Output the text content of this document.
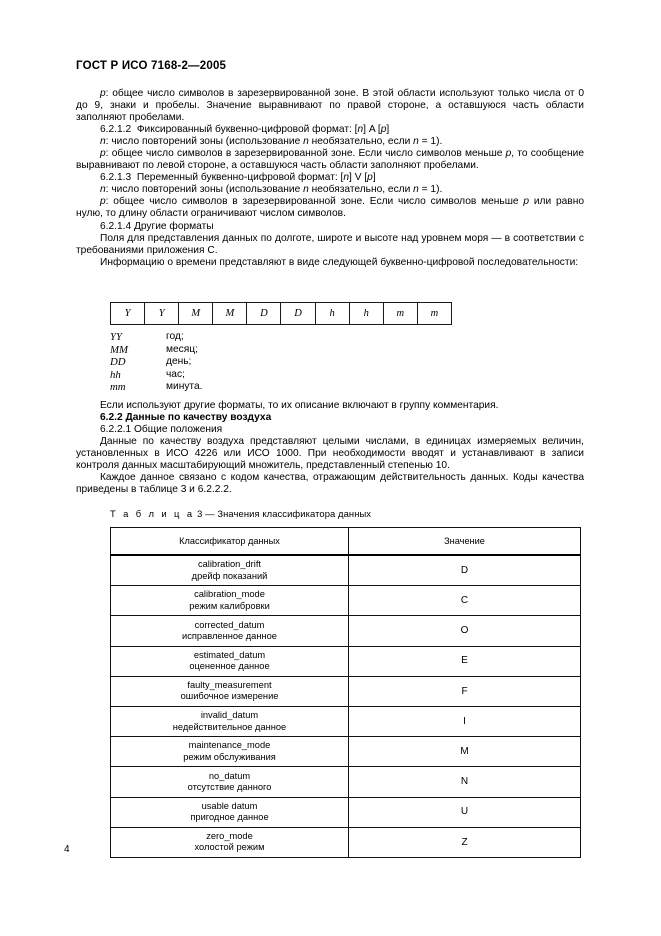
ГОСТ Р ИСО 7168-2—2005

p: общее число символов в зарезервированной зоне. В этой области используют только числа от 0 до 9, знаки и пробелы. Значение выравнивают по правой стороне, а оставшуюся часть области заполняют пробелами.

6.2.1.2  Фиксированный буквенно-цифровой формат: [n] A [p]

n: число повторений зоны (использование n необязательно, если n = 1).

p: общее число символов в зарезервированной зоне. Если число символов меньше p, то сообщение выравнивают по левой стороне, а оставшуюся часть области заполняют пробелами.

6.2.1.3  Переменный буквенно-цифровой формат: [n] V [p]

n: число повторений зоны (использование n необязательно, если n = 1).

p: общее число символов в зарезервированной зоне. Если число символов меньше p или равно нулю, то длину области ограничивают числом символов.

6.2.1.4 Другие форматы

Поля для представления данных по долготе, широте и высоте над уровнем моря — в соответствии с требованиями приложения С.

Информацию о времени представляют в виде следующей буквенно-цифровой последовательности:

Y	Y	M	M	D	D	h	h	m	m
YY	год;
MM	месяц;
DD	день;
hh	час;
mm	минута.

Если используют другие форматы, то их описание включают в группу комментария.

6.2.2 Данные по качеству воздуха

6.2.2.1 Общие положения

Данные по качеству воздуха представляют целыми числами, в единицах измеряемых величин, установленных в ИСО 4226 или ИСО 1000. При необходимости вводят и устанавливают в записи контроля данных масштабирующий множитель, представленный степенью 10.

Каждое данное связано с кодом качества, отражающим действительность данных. Коды качества приведены в таблице 3 и 6.2.2.2.

Т а б л и ц а 3 — Значения классификатора данных
Классификатор данных	Значение

calibration_drift
дрейф показаний	D

calibration_mode
режим калибровки	C

corrected_datum
исправленное данное	O

estimated_datum
оцененное данное	E

faulty_measurement
ошибочное измерение	F

invalid_datum
недействительное данное	I

maintenance_mode
режим обслуживания	M

no_datum
отсутствие данного	N

usable datum
пригодное данное	U

zero_mode
холостой режим	Z
4
